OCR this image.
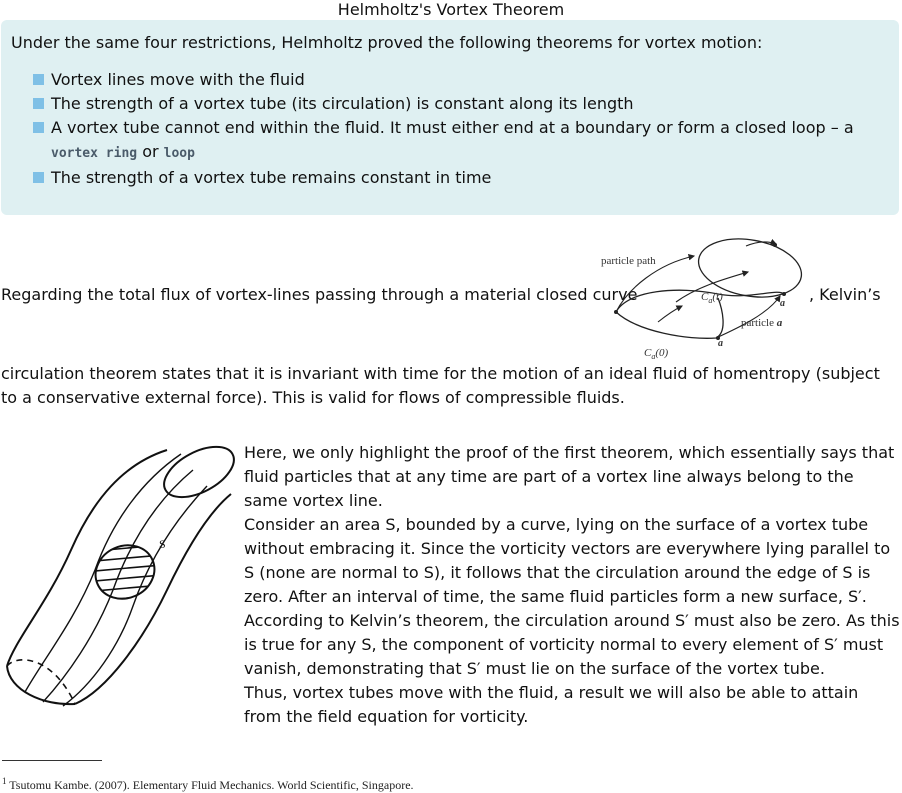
Helmholtz's Vortex Theorem

Under the same four restrictions, Helmholtz proved the following theorems for vortex motion:

Vortex lines move with the fluid
The strength of a vortex tube (its circulation) is constant along its length
A vortex tube cannot end within the fluid. It must either end at a boundary or form a closed loop – a vortex ring or loop
The strength of a vortex tube remains constant in time
Regarding the total flux of vortex-lines passing through a material closed curve
particle path
$C_a(t)$
$C_a(0)$
particle a
a
a
, Kelvin’s
circulation theorem states that it is invariant with time for the motion of an ideal fluid of homentropy (subject to a conservative external force). This is valid for flows of compressible fluids.
S

Here, we only highlight the proof of the first theorem, which essentially says that fluid particles that at any time are part of a vortex line always belong to the same vortex line.

Consider an area S, bounded by a curve, lying on the surface of a vortex tube without embracing it. Since the vorticity vectors are everywhere lying parallel to S (none are normal to S), it follows that the circulation around the edge of S is zero. After an interval of time, the same fluid particles form a new surface, S′. According to Kelvin’s theorem, the circulation around S′ must also be zero. As this is true for any S, the component of vorticity normal to every element of S′ must vanish, demonstrating that S′ must lie on the surface of the vortex tube.

Thus, vortex tubes move with the fluid, a result we will also be able to attain from the field equation for vorticity.

$^1$ Tsutomu Kambe. (2007). Elementary Fluid Mechanics. World Scientific, Singapore.
